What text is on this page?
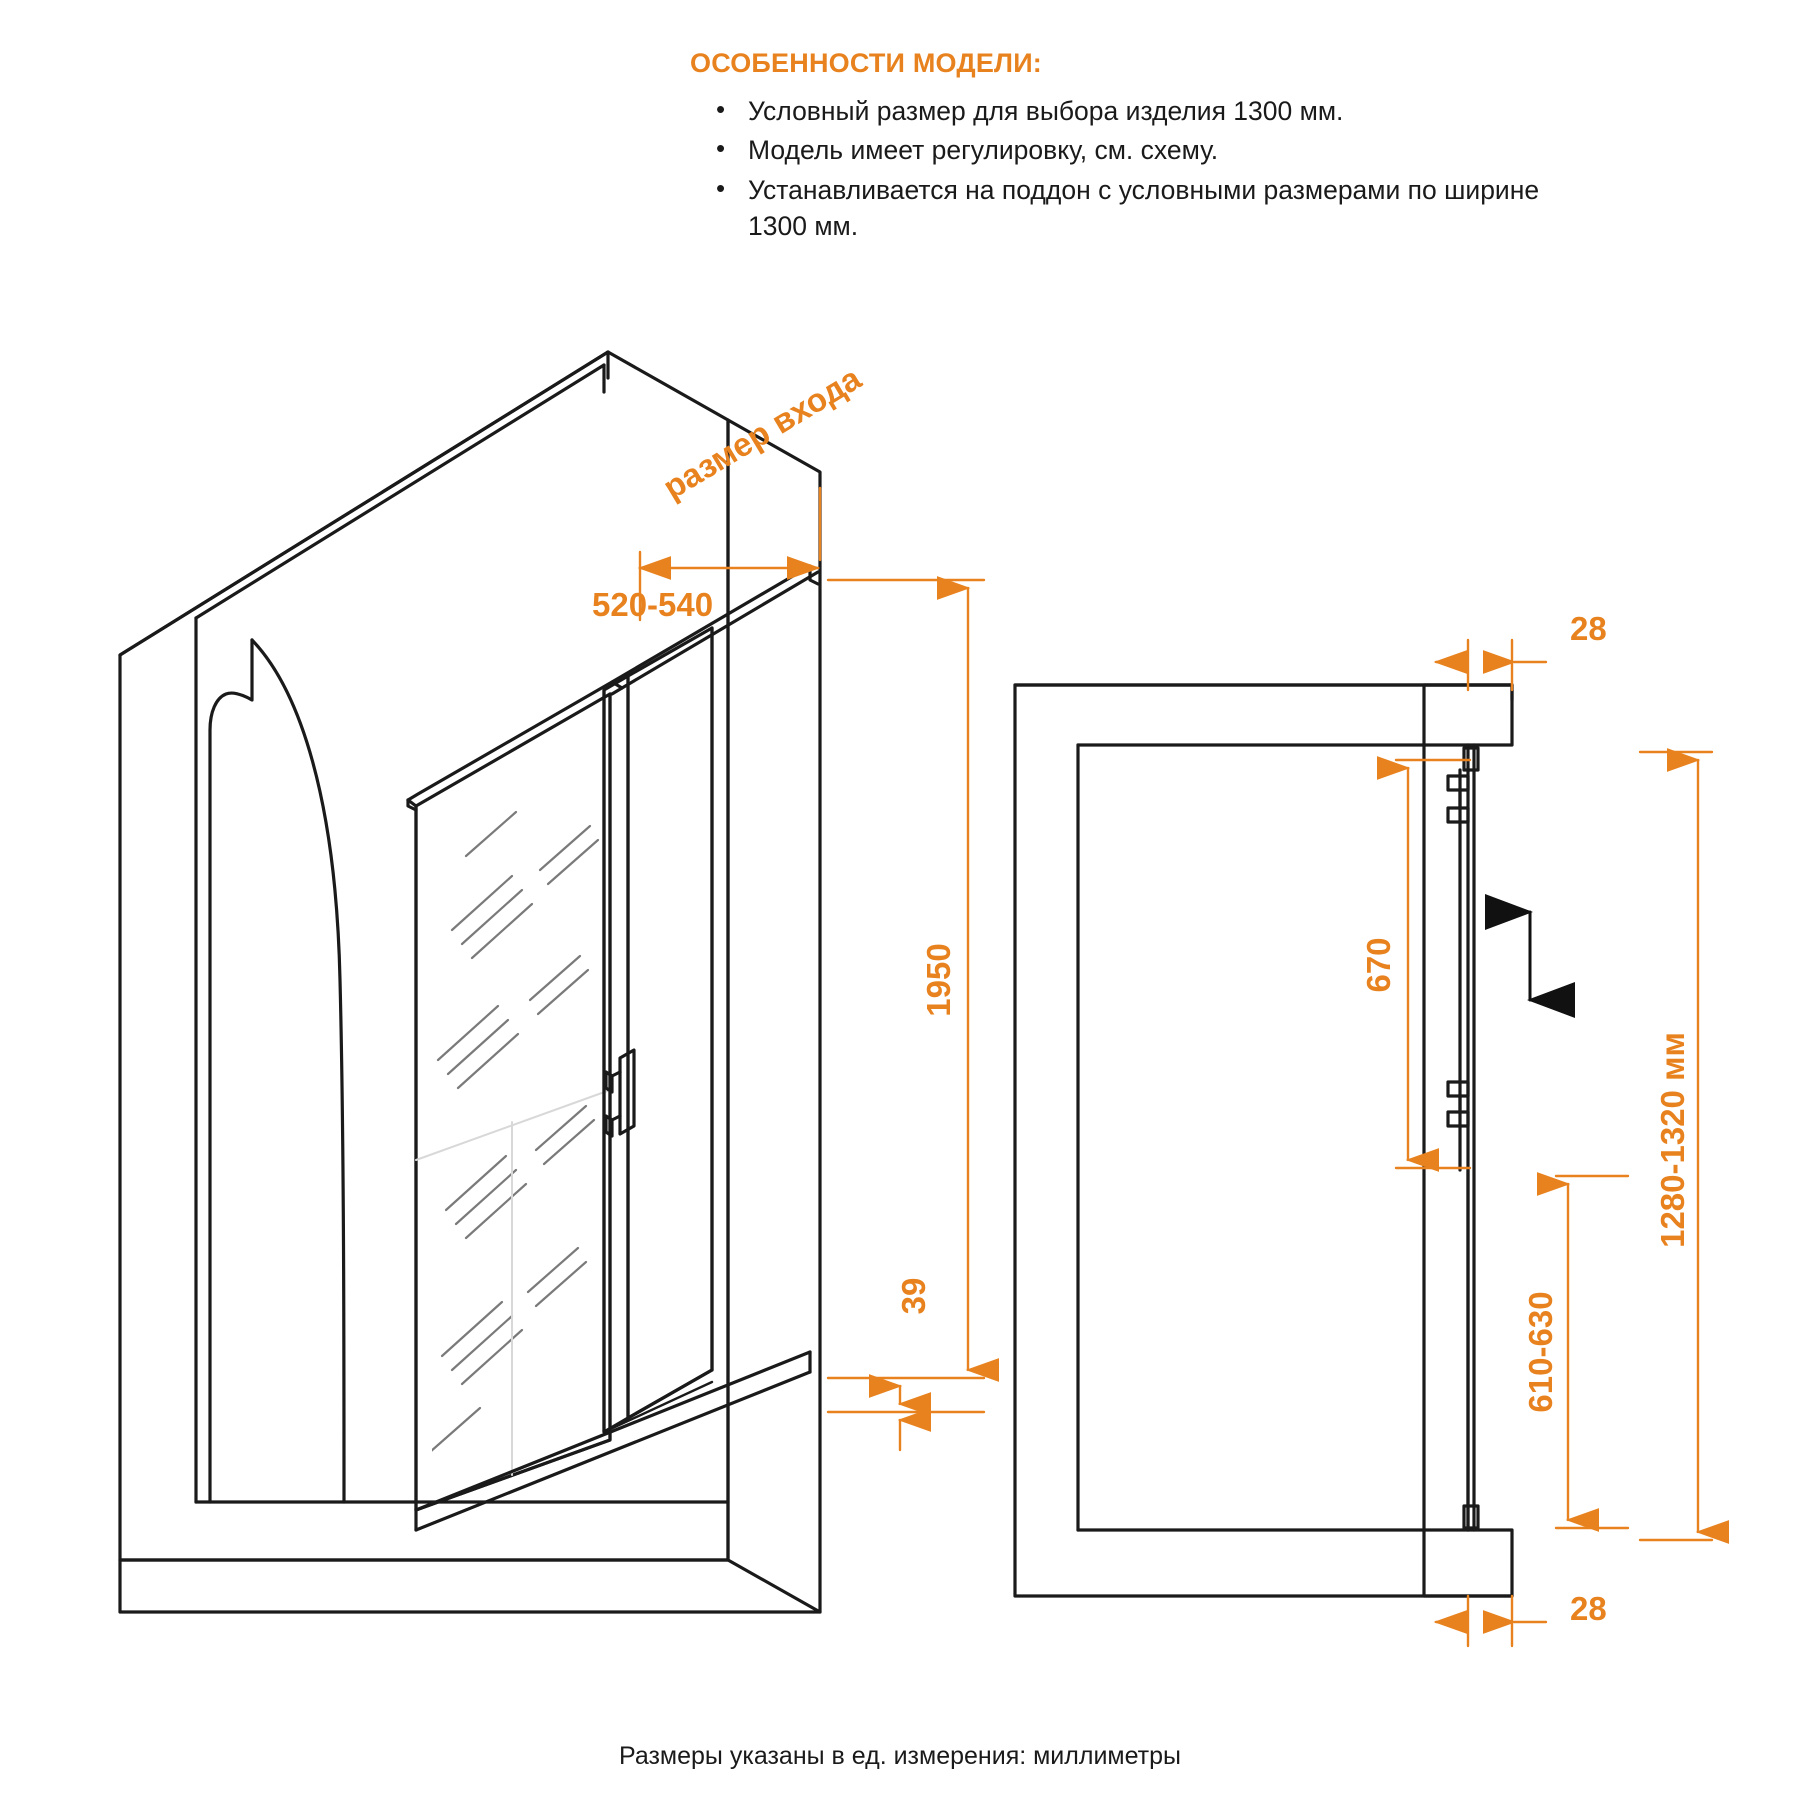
ОСОБЕННОСТИ МОДЕЛИ:
• Условный размер для выбора изделия 1300 мм.
• Модель имеет регулировку, см. схему.
• Устанавливается на поддон с условными размерами по ширине 1300 мм.
размер входа
520-540
1950
39
28
28
670
610-630
1280-1320 мм
Размеры указаны в ед. измерения: миллиметры
